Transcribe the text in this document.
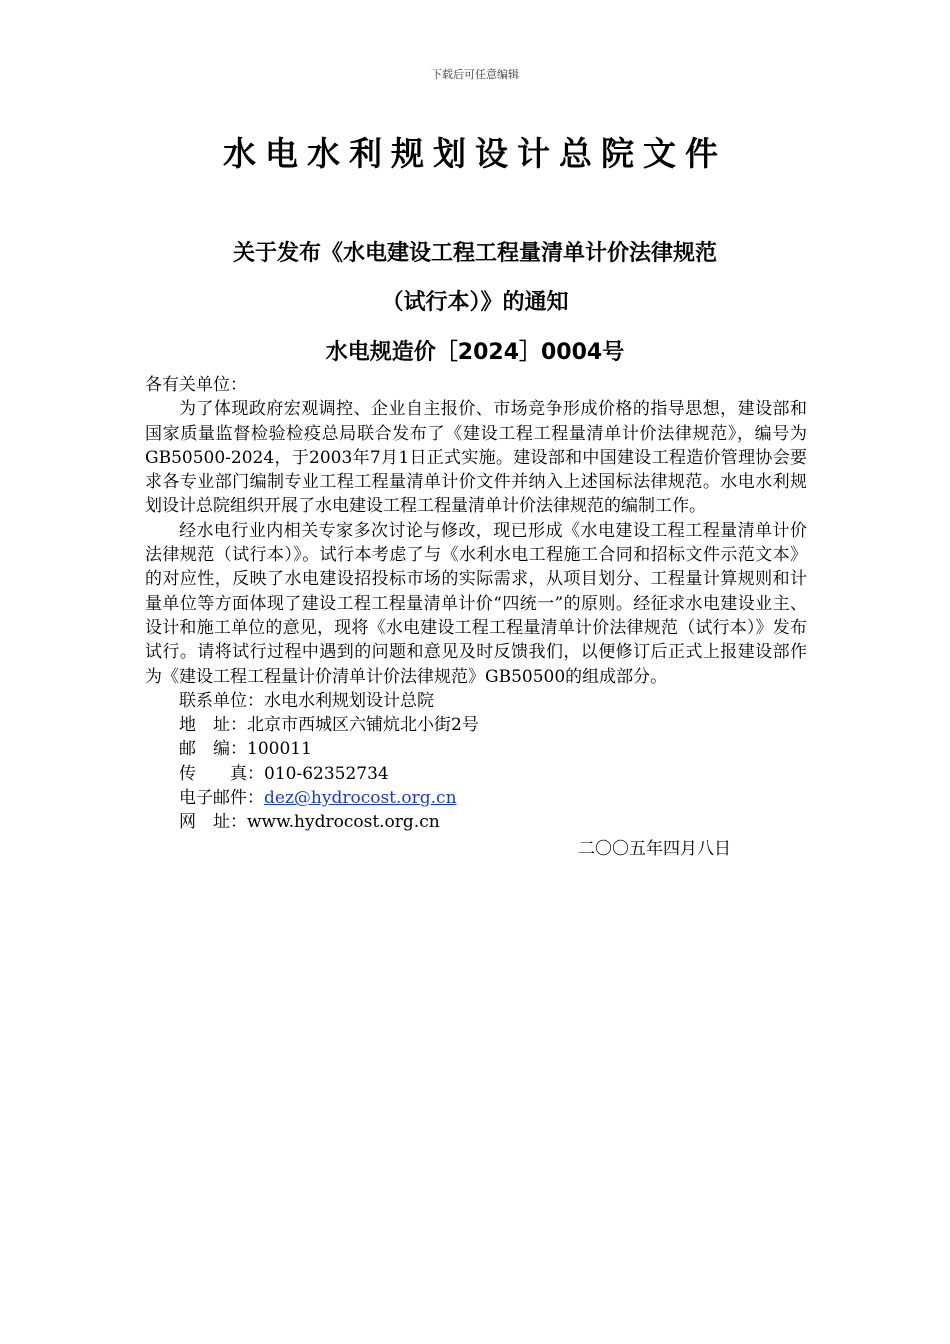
下载后可任意编辑
水电水利规划设计总院文件
关于发布《水电建设工程工程量清单计价法律规范
（试行本）》的通知
水电规造价［2024］0004号

各有关单位：

为了体现政府宏观调控、企业自主报价、市场竞争形成价格的指导思想，建设部和国家质量监督检验检疫总局联合发布了《建设工程工程量清单计价法律规范》，编号为GB50500-2024，于2003年7月1日正式实施。建设部和中国建设工程造价管理协会要求各专业部门编制专业工程工程量清单计价文件并纳入上述国标法律规范。水电水利规划设计总院组织开展了水电建设工程工程量清单计价法律规范的编制工作。

经水电行业内相关专家多次讨论与修改，现已形成《水电建设工程工程量清单计价法律规范（试行本）》。试行本考虑了与《水利水电工程施工合同和招标文件示范文本》的对应性，反映了水电建设招投标市场的实际需求，从项目划分、工程量计算规则和计量单位等方面体现了建设工程工程量清单计价“四统一”的原则。经征求水电建设业主、设计和施工单位的意见，现将《水电建设工程工程量清单计价法律规范（试行本）》发布试行。请将试行过程中遇到的问题和意见及时反馈我们，以便修订后正式上报建设部作为《建设工程工程量计价清单计价法律规范》GB50500的组成部分。

联系单位：水电水利规划设计总院

地　址：北京市西城区六铺炕北小街2号

邮　编：100011

传　　真：010-62352734

电子邮件：dez@hydrocost.org.cn

网　址：www.hydrocost.org.cn

二〇〇五年四月八日
